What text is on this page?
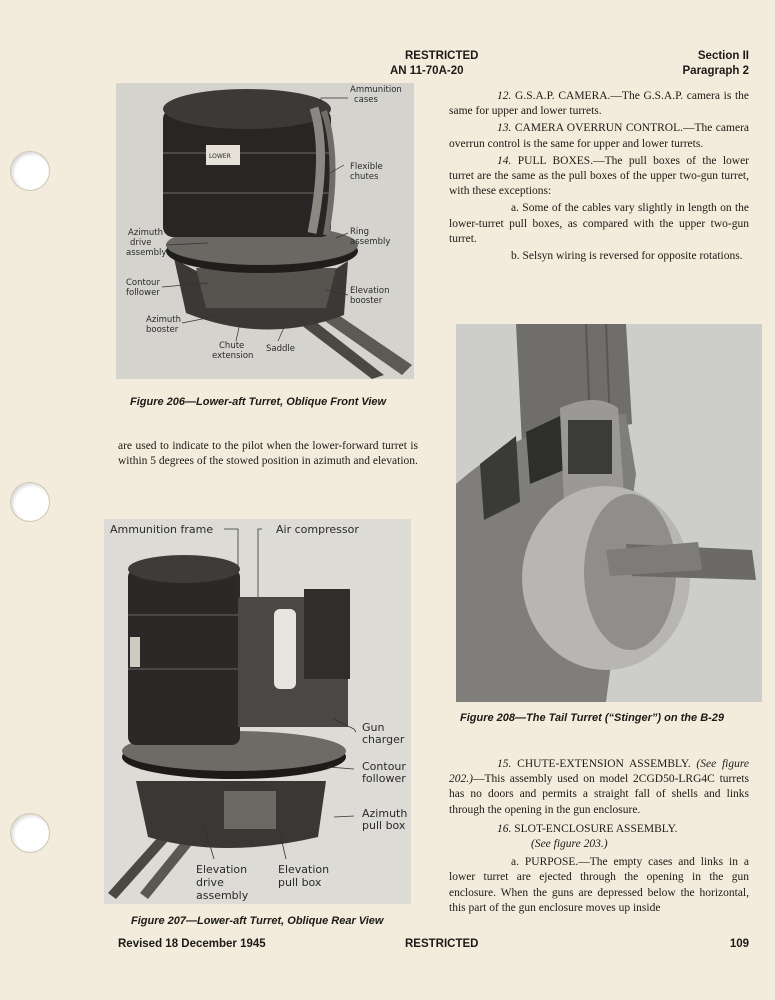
RESTRICTED
AN 11-70A-20
Section II
Paragraph 2
LOWER
Ammunition
cases
Flexible
chutes
Azimuth
drive
assembly
Ring
assembly
Contour
follower	Elevation
booster
Azimuth
booster
Chute
extension
Saddle
Figure 206—Lower-aft Turret, Oblique Front View

are used to indicate to the pilot when the lower-forward turret is within 5 degrees of the stowed position in azimuth and elevation.

Ammunition frame	Air compressor
Gun
charger
Contour
follower
Azimuth
pull box
Elevation
drive
assembly
Elevation
pull box
Figure 207—Lower-aft Turret, Oblique Rear View

12. G.S.A.P. CAMERA.—The G.S.A.P. camera is the same for upper and lower turrets.

13. CAMERA OVERRUN CONTROL.—The camera overrun control is the same for upper and lower turrets.

14. PULL BOXES.—The pull boxes of the lower turret are the same as the pull boxes of the upper two-gun turret, with these exceptions:

a. Some of the cables vary slightly in length on the lower-turret pull boxes, as compared with the upper two-gun turret.

b. Selsyn wiring is reversed for opposite rotations.

Figure 208—The Tail Turret (“Stinger”) on the B-29

15. CHUTE-EXTENSION ASSEMBLY. (See figure 202.)—This assembly used on model 2CGD50-LRG4C turrets has no doors and permits a straight fall of shells and links through the opening in the gun enclosure.

16. SLOT-ENCLOSURE ASSEMBLY.

(See figure 203.)

a. PURPOSE.—The empty cases and links in a lower turret are ejected through the opening in the gun enclosure. When the guns are depressed below the horizontal, this part of the gun enclosure moves up inside

Revised 18 December 1945	RESTRICTED	109
